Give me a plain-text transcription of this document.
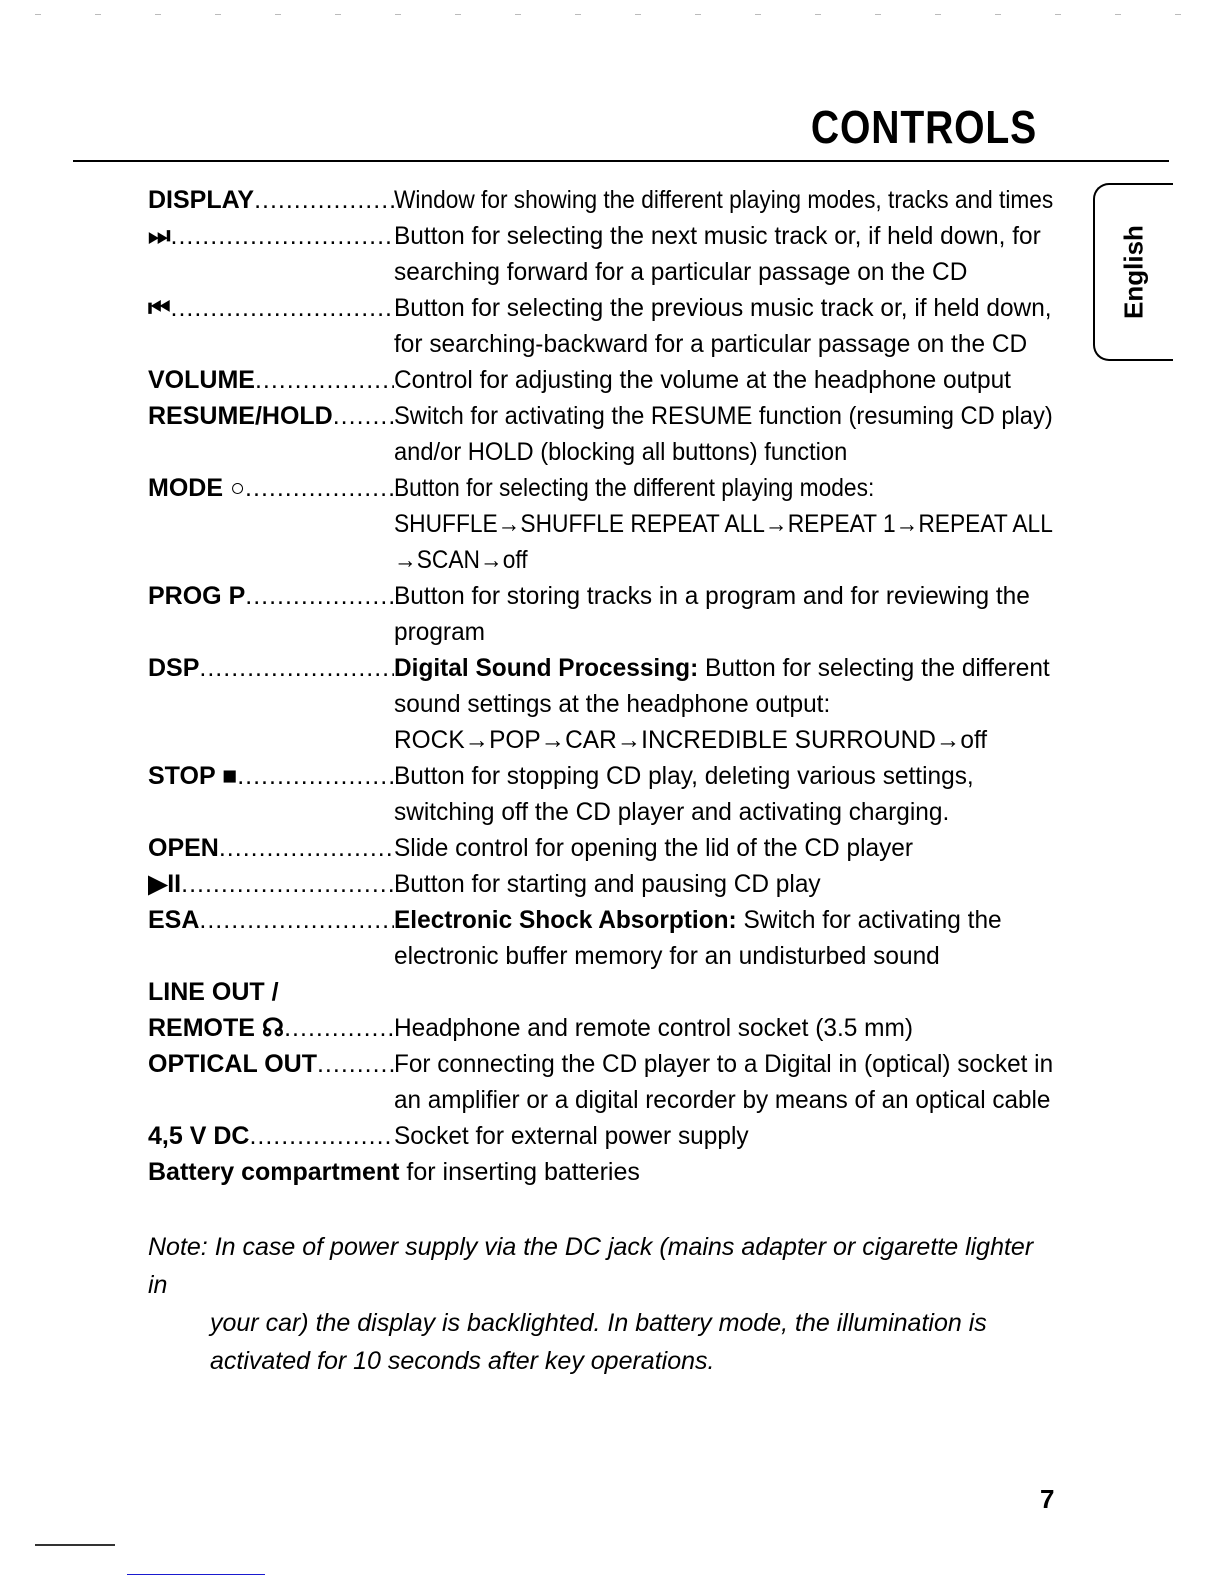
CONTROLS
English
DISPLAY .....	Window for showing the different playing modes, tracks and times
⏭ .....	Button for selecting the next music track or, if held down, for
searching forward for a particular passage on the CD
⏮ .....	Button for selecting the previous music track or, if held down,
for searching-backward for a particular passage on the CD
VOLUME .....	Control for adjusting the volume at the headphone output
RESUME/HOLD ..... Switch for activating the RESUME function (resuming CD play)
and/or HOLD (blocking all buttons) function
MODE ○ .....	Button for selecting the different playing modes:
SHUFFLE→SHUFFLE REPEAT ALL→REPEAT 1→REPEAT ALL
→SCAN→off
PROG P .....	Button for storing tracks in a program and for reviewing the
program
DSP .....	Digital Sound Processing: Button for selecting the different
sound settings at the headphone output:
ROCK→POP→CAR→INCREDIBLE SURROUND→off
STOP ■ .....	Button for stopping CD play, deleting various settings,
switching off the CD player and activating charging.
OPEN .....	Slide control for opening the lid of the CD player
▶II .....	Button for starting and pausing CD play
ESA .....	Electronic Shock Absorption: Switch for activating the
electronic buffer memory for an undisturbed sound
LINE OUT /

REMOTE ☊ .....	Headphone and remote control socket (3.5 mm)
OPTICAL OUT .....	For connecting the CD player to a Digital in (optical) socket in
an amplifier or a digital recorder by means of an optical cable
4,5 V DC .....	Socket for external power supply
Battery compartment for inserting batteries
Note: In case of power supply via the DC jack (mains adapter or cigarette lighter in
your car) the display is backlighted. In battery mode, the illumination is
activated for 10 seconds after key operations.
7
